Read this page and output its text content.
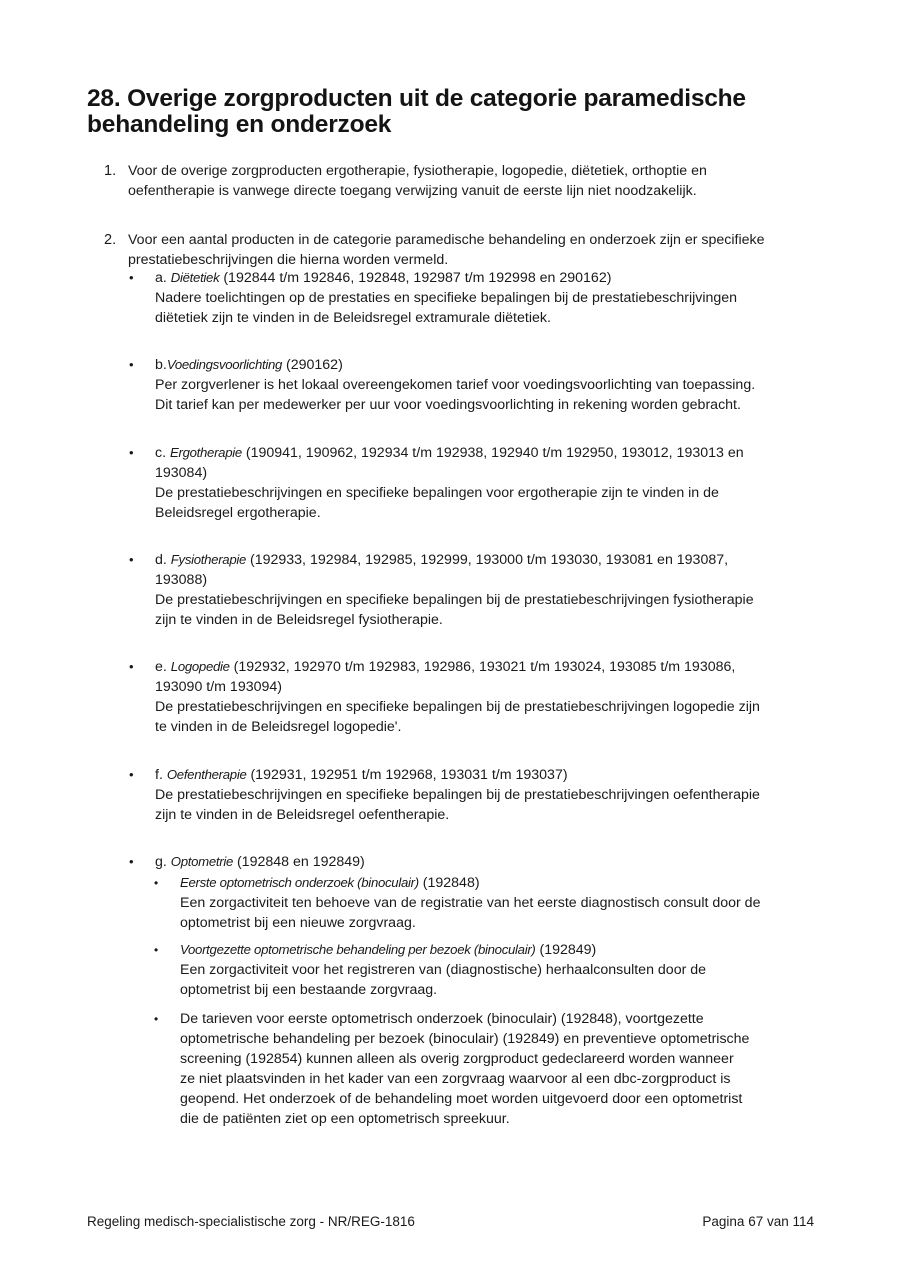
28. Overige zorgproducten uit de categorie paramedische
behandeling en onderzoek
1. Voor de overige zorgproducten ergotherapie, fysiotherapie, logopedie, diëtetiek, orthoptie en
oefentherapie is vanwege directe toegang verwijzing vanuit de eerste lijn niet noodzakelijk.
2. Voor een aantal producten in de categorie paramedische behandeling en onderzoek zijn er specifieke
prestatiebeschrijvingen die hierna worden vermeld.
• a. Diëtetiek (192844 t/m 192846, 192848, 192987 t/m 192998 en 290162)
Nadere toelichtingen op de prestaties en specifieke bepalingen bij de prestatiebeschrijvingen
diëtetiek zijn te vinden in de Beleidsregel extramurale diëtetiek.
• b.Voedingsvoorlichting (290162)
Per zorgverlener is het lokaal overeengekomen tarief voor voedingsvoorlichting van toepassing.
Dit tarief kan per medewerker per uur voor voedingsvoorlichting in rekening worden gebracht.
• c. Ergotherapie (190941, 190962, 192934 t/m 192938, 192940 t/m 192950, 193012, 193013 en
193084)
De prestatiebeschrijvingen en specifieke bepalingen voor ergotherapie zijn te vinden in de
Beleidsregel ergotherapie.
• d. Fysiotherapie (192933, 192984, 192985, 192999, 193000 t/m 193030, 193081 en 193087,
193088)
De prestatiebeschrijvingen en specifieke bepalingen bij de prestatiebeschrijvingen fysiotherapie
zijn te vinden in de Beleidsregel fysiotherapie.
• e. Logopedie (192932, 192970 t/m 192983, 192986, 193021 t/m 193024, 193085 t/m 193086,
193090 t/m 193094)
De prestatiebeschrijvingen en specifieke bepalingen bij de prestatiebeschrijvingen logopedie zijn
te vinden in de Beleidsregel logopedie'.
• f. Oefentherapie (192931, 192951 t/m 192968, 193031 t/m 193037)
De prestatiebeschrijvingen en specifieke bepalingen bij de prestatiebeschrijvingen oefentherapie
zijn te vinden in de Beleidsregel oefentherapie.
• g. Optometrie (192848 en 192849)
• Eerste optometrisch onderzoek (binoculair) (192848)
Een zorgactiviteit ten behoeve van de registratie van het eerste diagnostisch consult door de
optometrist bij een nieuwe zorgvraag.
• Voortgezette optometrische behandeling per bezoek (binoculair) (192849)
Een zorgactiviteit voor het registreren van (diagnostische) herhaalconsulten door de
optometrist bij een bestaande zorgvraag.
• De tarieven voor eerste optometrisch onderzoek (binoculair) (192848), voortgezette
optometrische behandeling per bezoek (binoculair) (192849) en preventieve optometrische
screening (192854) kunnen alleen als overig zorgproduct gedeclareerd worden wanneer
ze niet plaatsvinden in het kader van een zorgvraag waarvoor al een dbc-zorgproduct is
geopend. Het onderzoek of de behandeling moet worden uitgevoerd door een optometrist
die de patiënten ziet op een optometrisch spreekuur.
Regeling medisch-specialistische zorg - NR/REG-1816	Pagina 67 van 114
